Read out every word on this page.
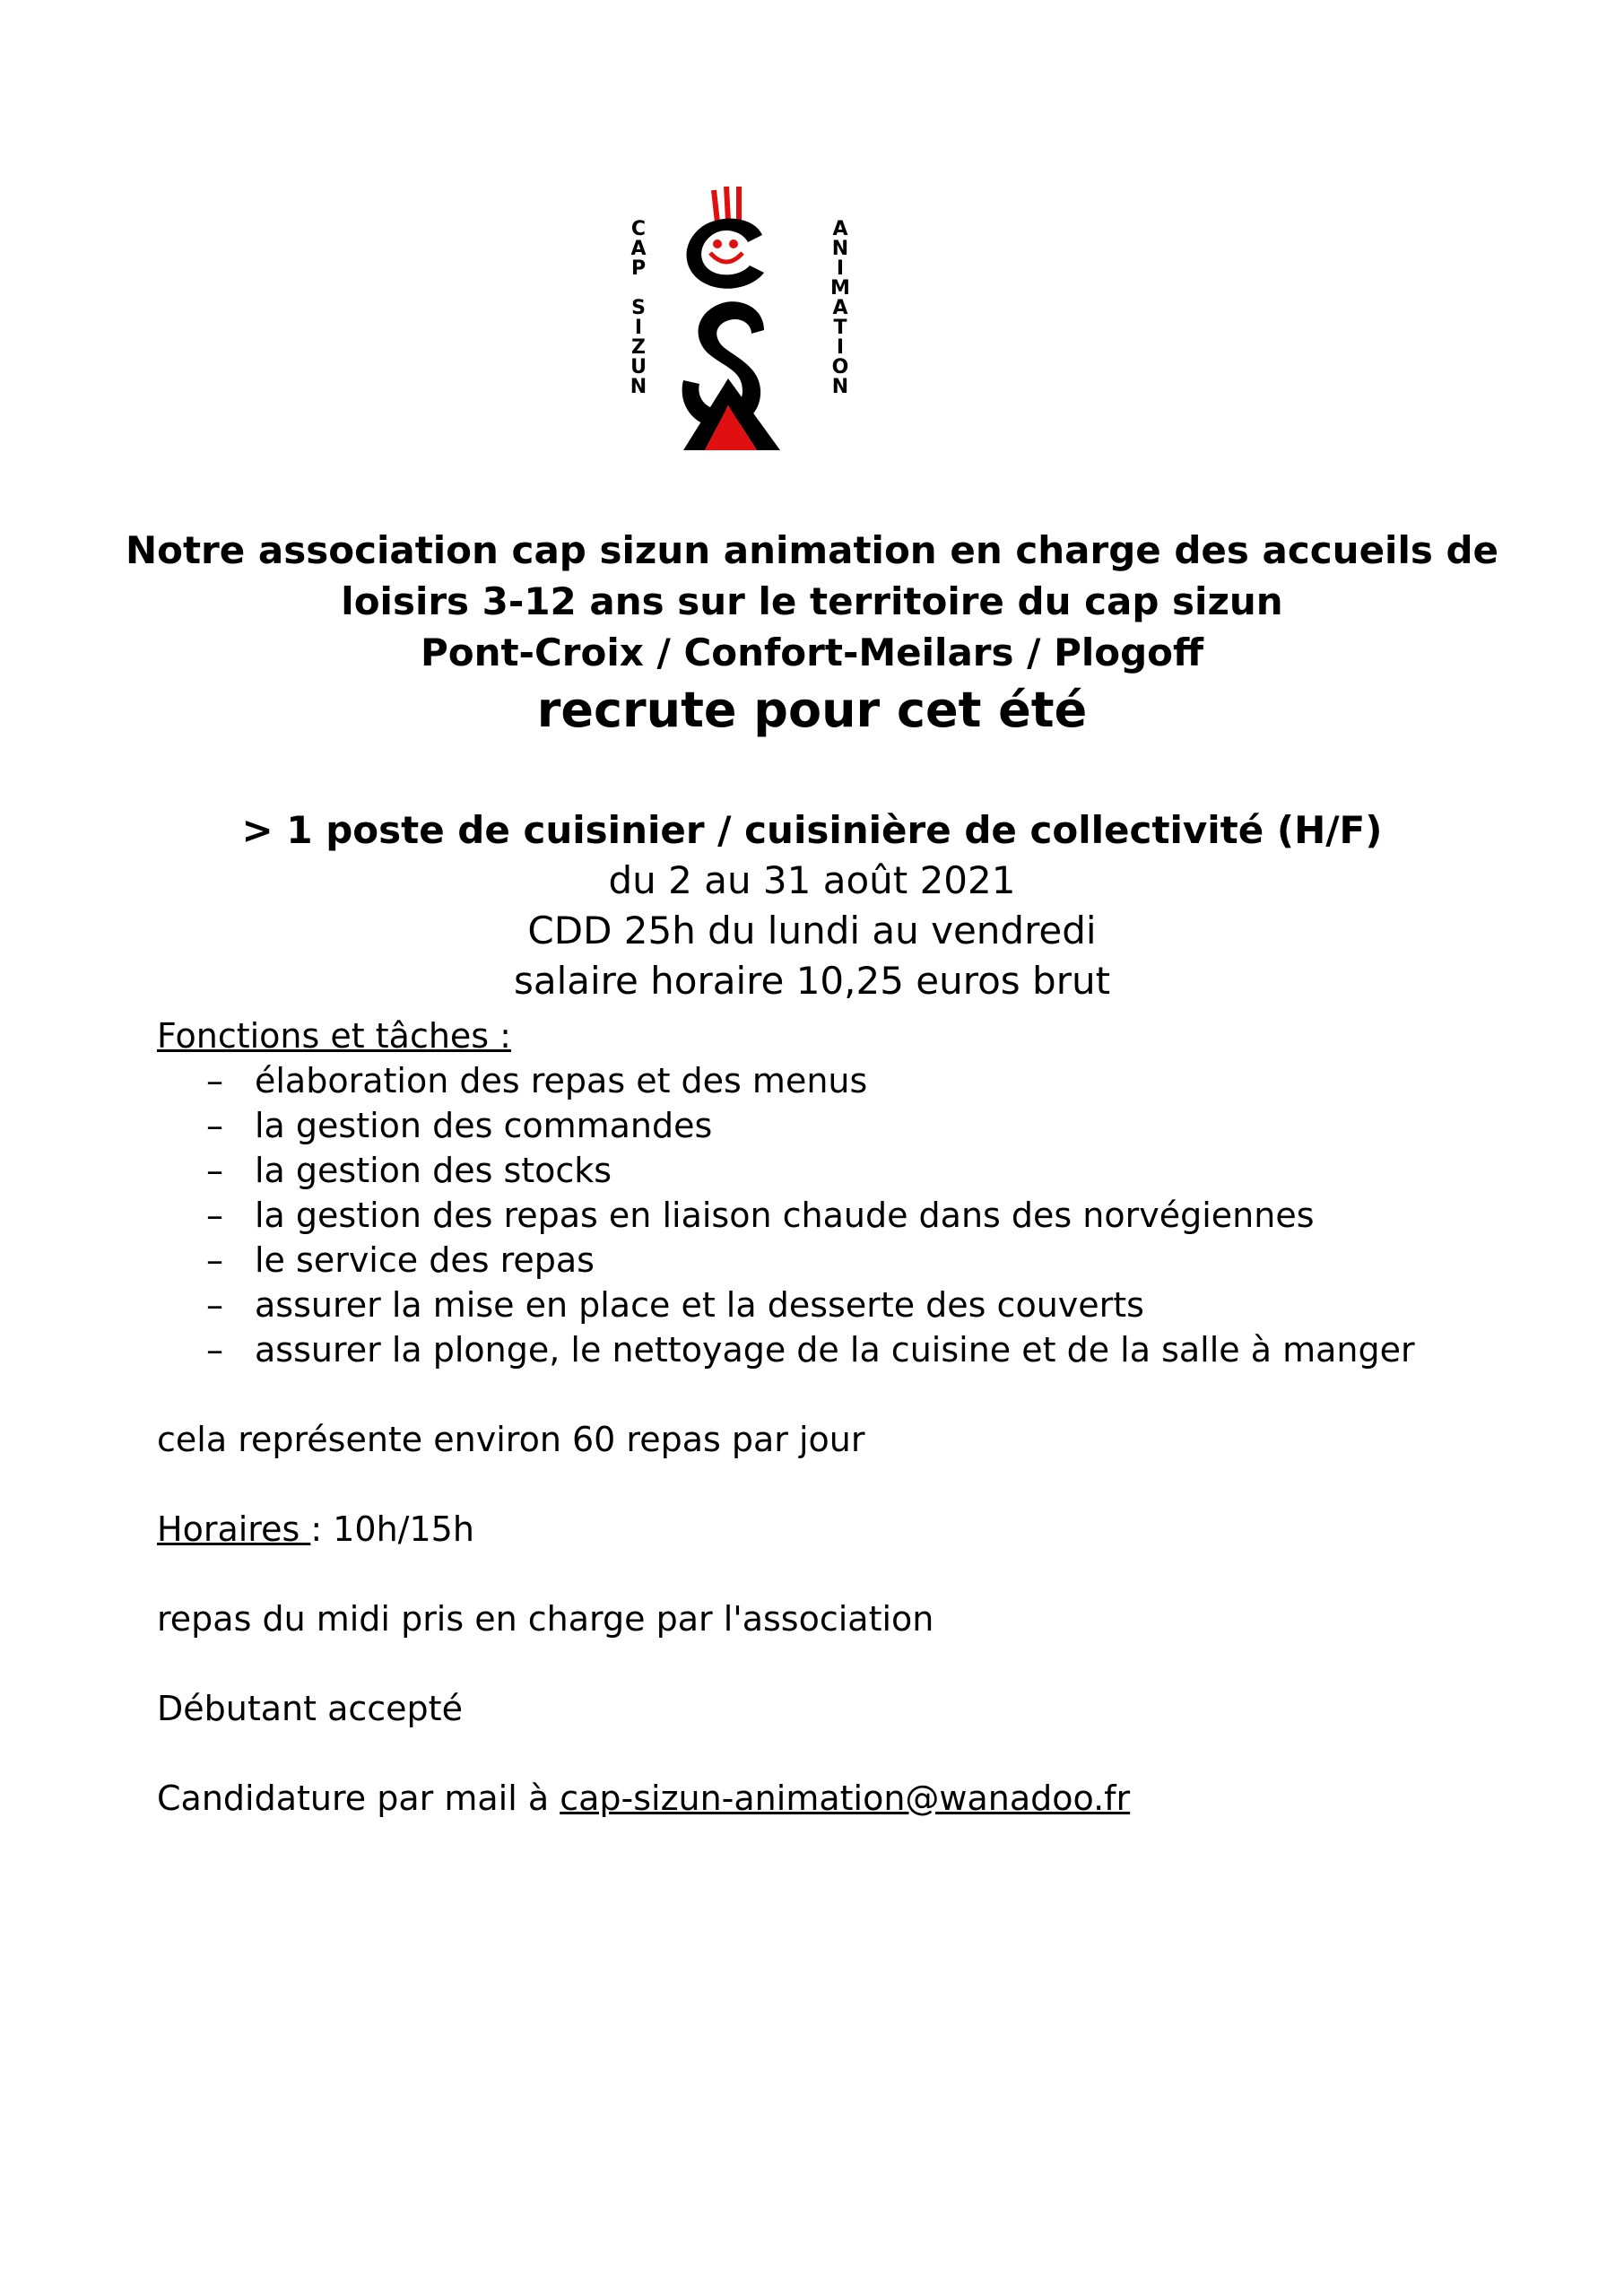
C
A
P

S
I
Z
U
N
A
N
I
M
A
T
I
O
N
Notre association cap sizun animation en charge des accueils de
loisirs 3-12 ans sur le territoire du cap sizun
Pont-Croix / Confort-Meilars / Plogoff
recrute pour cet été
> 1 poste de cuisinier / cuisinière de collectivité (H/F)
du 2 au 31 août 2021
CDD 25h du lundi au vendredi
salaire horaire 10,25 euros brut
Fonctions et tâches :
– élaboration des repas et des menus
– la gestion des commandes
– la gestion des stocks
– la gestion des repas en liaison chaude dans des norvégiennes
– le service des repas
– assurer la mise en place et la desserte des couverts
– assurer la plonge, le nettoyage de la cuisine et de la salle à manger
cela représente environ 60 repas par jour
Horaires : 10h/15h
repas du midi pris en charge par l'association
Débutant accepté
Candidature par mail à cap-sizun-animation@wanadoo.fr
